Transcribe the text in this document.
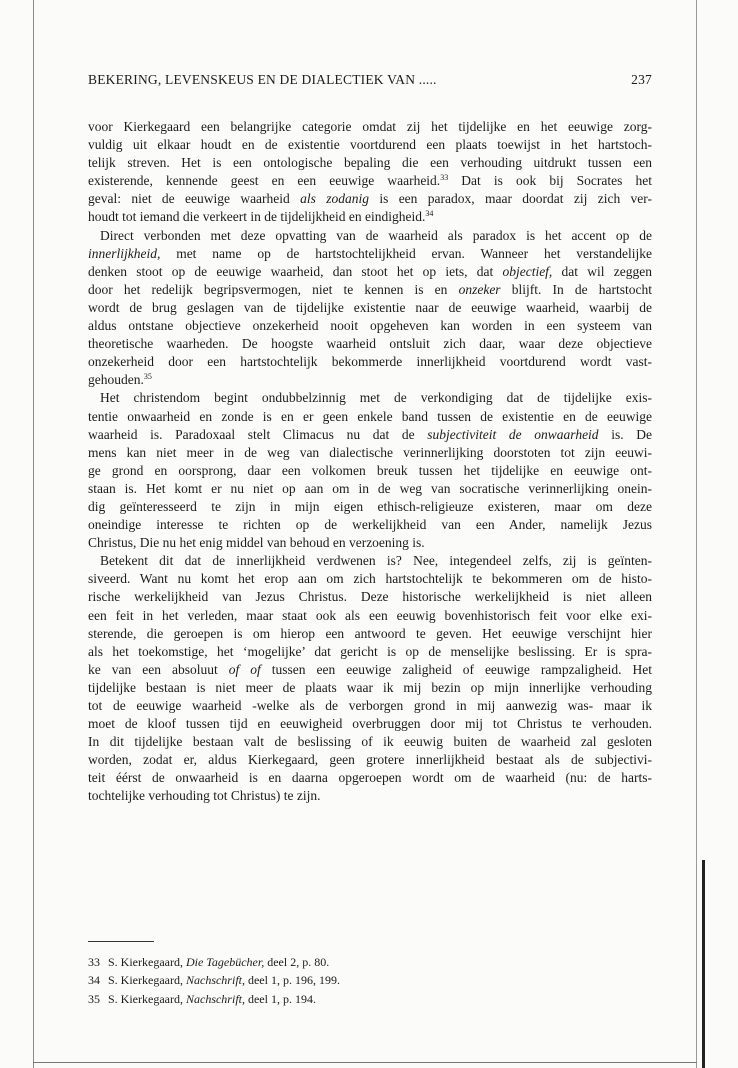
BEKERING, LEVENSKEUS EN DE DIALECTIEK VAN .....	237

voor Kierkegaard een belangrijke categorie omdat zij het tijdelijke en het eeuwige zorg-
vuldig uit elkaar houdt en de existentie voortdurend een plaats toewijst in het hartstoch-
telijk streven. Het is een ontologische bepaling die een verhouding uitdrukt tussen een
existerende, kennende geest en een eeuwige waarheid.$^{33}$ Dat is ook bij Socrates het
geval: niet de eeuwige waarheid als zodanig is een paradox, maar doordat zij zich ver-
houdt tot iemand die verkeert in de tijdelijkheid en eindigheid.$^{34}$

Direct verbonden met deze opvatting van de waarheid als paradox is het accent op de
innerlijkheid, met name op de hartstochtelijkheid ervan. Wanneer het verstandelijke
denken stoot op de eeuwige waarheid, dan stoot het op iets, dat objectief, dat wil zeggen
door het redelijk begripsvermogen, niet te kennen is en onzeker blijft. In de hartstocht
wordt de brug geslagen van de tijdelijke existentie naar de eeuwige waarheid, waarbij de
aldus ontstane objectieve onzekerheid nooit opgeheven kan worden in een systeem van
theoretische waarheden. De hoogste waarheid ontsluit zich daar, waar deze objectieve
onzekerheid door een hartstochtelijk bekommerde innerlijkheid voortdurend wordt vast-
gehouden.$^{35}$

Het christendom begint ondubbelzinnig met de verkondiging dat de tijdelijke exis-
tentie onwaarheid en zonde is en er geen enkele band tussen de existentie en de eeuwige
waarheid is. Paradoxaal stelt Climacus nu dat de subjectiviteit de onwaarheid is. De
mens kan niet meer in de weg van dialectische verinnerlijking doorstoten tot zijn eeuwi-
ge grond en oorsprong, daar een volkomen breuk tussen het tijdelijke en eeuwige ont-
staan is. Het komt er nu niet op aan om in de weg van socratische verinnerlijking onein-
dig geïnteresseerd te zijn in mijn eigen ethisch-religieuze existeren, maar om deze
oneindige interesse te richten op de werkelijkheid van een Ander, namelijk Jezus
Christus, Die nu het enig middel van behoud en verzoening is.

Betekent dit dat de innerlijkheid verdwenen is? Nee, integendeel zelfs, zij is geïnten-
siveerd. Want nu komt het erop aan om zich hartstochtelijk te bekommeren om de histo-
rische werkelijkheid van Jezus Christus. Deze historische werkelijkheid is niet alleen
een feit in het verleden, maar staat ook als een eeuwig bovenhistorisch feit voor elke exi-
sterende, die geroepen is om hierop een antwoord te geven. Het eeuwige verschijnt hier
als het toekomstige, het ‘mogelijke’ dat gericht is op de menselijke beslissing. Er is spra-
ke van een absoluut of of tussen een eeuwige zaligheid of eeuwige rampzaligheid. Het
tijdelijke bestaan is niet meer de plaats waar ik mij bezin op mijn innerlijke verhouding
tot de eeuwige waarheid -welke als de verborgen grond in mij aanwezig was- maar ik
moet de kloof tussen tijd en eeuwigheid overbruggen door mij tot Christus te verhouden.
In dit tijdelijke bestaan valt de beslissing of ik eeuwig buiten de waarheid zal gesloten
worden, zodat er, aldus Kierkegaard, geen grotere innerlijkheid bestaat als de subjectivi-
teit éérst de onwaarheid is en daarna opgeroepen wordt om de waarheid (nu: de harts-
tochtelijke verhouding tot Christus) te zijn.

33 S. Kierkegaard, Die Tagebücher, deel 2, p. 80.
34 S. Kierkegaard, Nachschrift, deel 1, p. 196, 199.
35 S. Kierkegaard, Nachschrift, deel 1, p. 194.
